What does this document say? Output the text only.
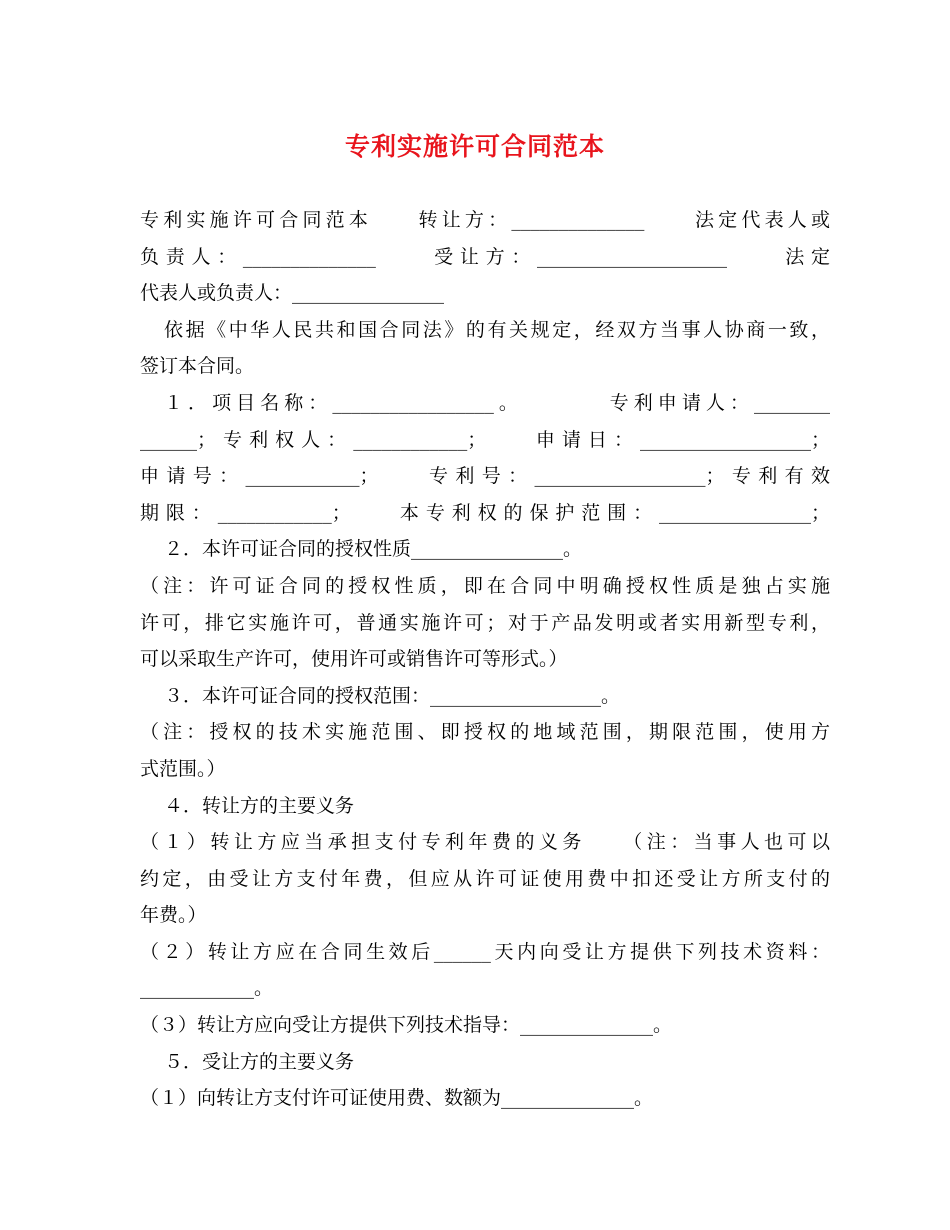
专利实施许可合同范本
专利实施许可合同范本　　转让方：______________　　法定代表人或
负责人：______________　　受让方：____________________　　法定
代表人或负责人：________________
依据《中华人民共和国合同法》的有关规定，经双方当事人协商一致，
签订本合同。
１．项目名称：_________________。　　　　专利申请人：________
______；专利权人：____________；　　申请日：__________________；
申请号：____________；　　专利号：__________________；专利有效
期限：____________；　　本专利权的保护范围：________________；
２．本许可证合同的授权性质________________。
（注：许可证合同的授权性质，即在合同中明确授权性质是独占实施
许可，排它实施许可，普通实施许可；对于产品发明或者实用新型专利，
可以采取生产许可，使用许可或销售许可等形式。）
３．本许可证合同的授权范围：__________________。
（注：授权的技术实施范围、即授权的地域范围，期限范围，使用方
式范围。）
４．转让方的主要义务
（１）转让方应当承担支付专利年费的义务　　（注：当事人也可以
约定，由受让方支付年费，但应从许可证使用费中扣还受让方所支付的
年费。）
（２）转让方应在合同生效后______天内向受让方提供下列技术资料：
____________。
（３）转让方应向受让方提供下列技术指导：______________。
５．受让方的主要义务
（１）向转让方支付许可证使用费、数额为______________。
